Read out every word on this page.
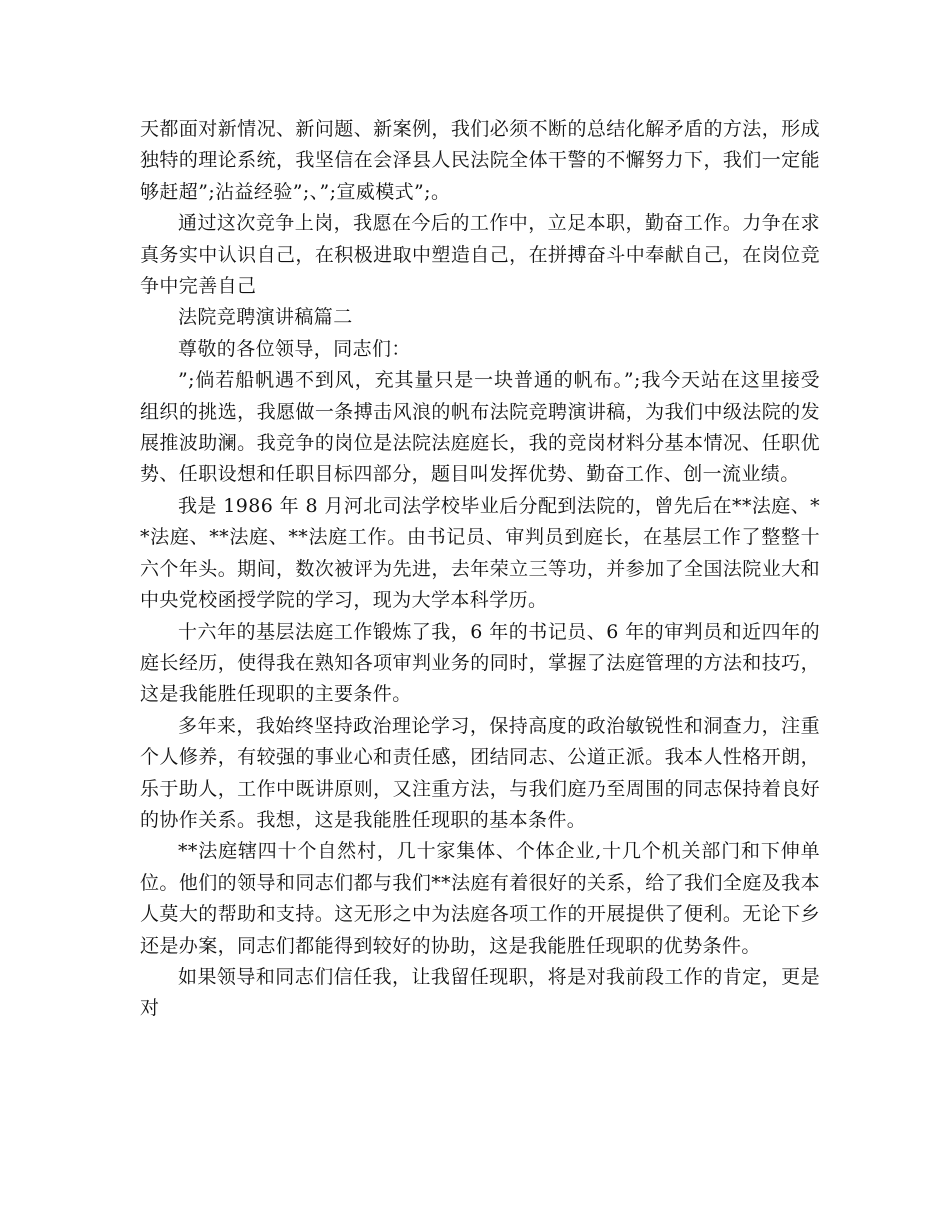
天都面对新情况、新问题、新案例，我们必须不断的总结化解矛盾的方法，形成独特的理论系统，我坚信在会泽县人民法院全体干警的不懈努力下，我们一定能够赶超”;沾益经验”;、”;宣威模式”;。

通过这次竞争上岗，我愿在今后的工作中，立足本职，勤奋工作。力争在求真务实中认识自己，在积极进取中塑造自己，在拼搏奋斗中奉献自己，在岗位竞争中完善自己

法院竞聘演讲稿篇二

尊敬的各位领导，同志们：

”;倘若船帆遇不到风，充其量只是一块普通的帆布。”;我今天站在这里接受组织的挑选，我愿做一条搏击风浪的帆布法院竞聘演讲稿，为我们中级法院的发展推波助澜。我竞争的岗位是法院法庭庭长，我的竞岗材料分基本情况、任职优势、任职设想和任职目标四部分，题目叫发挥优势、勤奋工作、创一流业绩。

我是 1986 年 8 月河北司法学校毕业后分配到法院的，曾先后在**法庭、**法庭、**法庭、**法庭工作。由书记员、审判员到庭长，在基层工作了整整十六个年头。期间，数次被评为先进，去年荣立三等功，并参加了全国法院业大和中央党校函授学院的学习，现为大学本科学历。

十六年的基层法庭工作锻炼了我，6 年的书记员、6 年的审判员和近四年的庭长经历，使得我在熟知各项审判业务的同时，掌握了法庭管理的方法和技巧，这是我能胜任现职的主要条件。

多年来，我始终坚持政治理论学习，保持高度的政治敏锐性和洞查力，注重个人修养，有较强的事业心和责任感，团结同志、公道正派。我本人性格开朗，乐于助人，工作中既讲原则，又注重方法，与我们庭乃至周围的同志保持着良好的协作关系。我想，这是我能胜任现职的基本条件。

**法庭辖四十个自然村，几十家集体、个体企业,十几个机关部门和下伸单位。他们的领导和同志们都与我们**法庭有着很好的关系，给了我们全庭及我本人莫大的帮助和支持。这无形之中为法庭各项工作的开展提供了便利。无论下乡还是办案，同志们都能得到较好的协助，这是我能胜任现职的优势条件。

如果领导和同志们信任我，让我留任现职，将是对我前段工作的肯定，更是对
